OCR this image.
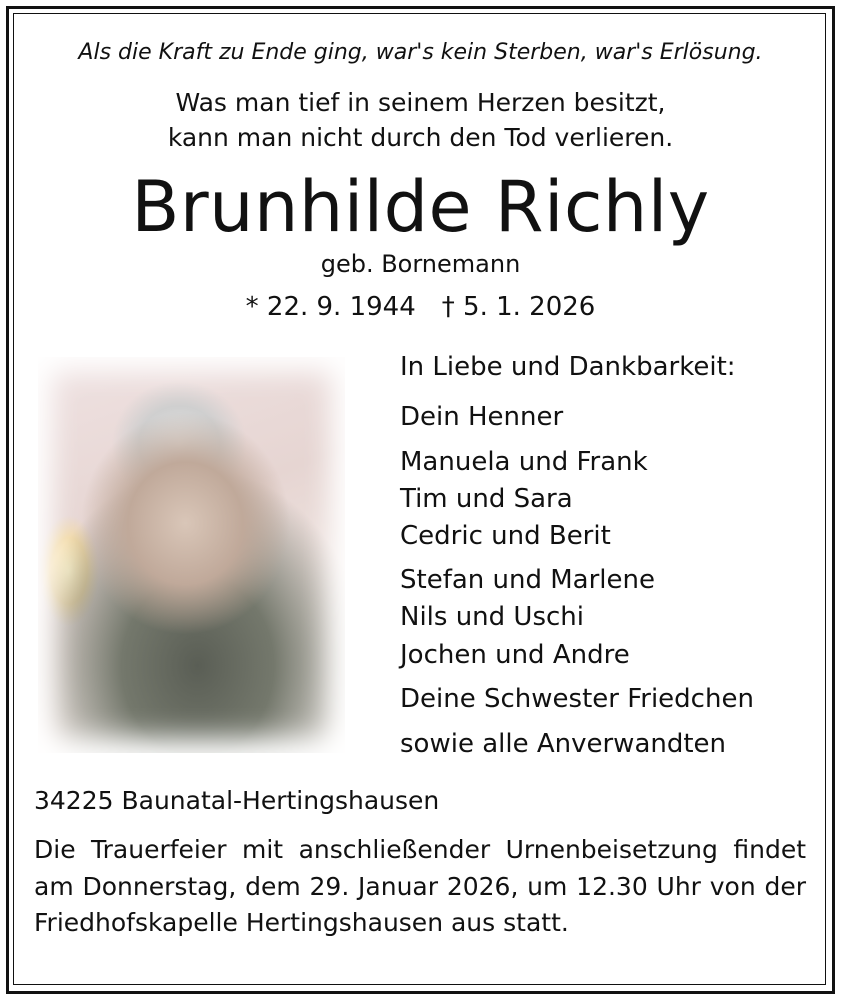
Als die Kraft zu Ende ging, war's kein Sterben, war's Erlösung.
Was man tief in seinem Herzen besitzt,
kann man nicht durch den Tod verlieren.
Brunhilde Richly
geb. Bornemann
* 22. 9. 1944 † 5. 1. 2026
In Liebe und Dankbarkeit:
Dein Henner
Manuela und Frank
Tim und Sara
Cedric und Berit
Stefan und Marlene
Nils und Uschi
Jochen und Andre
Deine Schwester Friedchen
sowie alle Anverwandten
34225 Baunatal-Hertingshausen
Die Trauerfeier mit anschließender Urnenbeisetzung findet am Donnerstag, dem 29. Januar 2026, um 12.30 Uhr von der Friedhofskapelle Hertingshausen aus statt.
